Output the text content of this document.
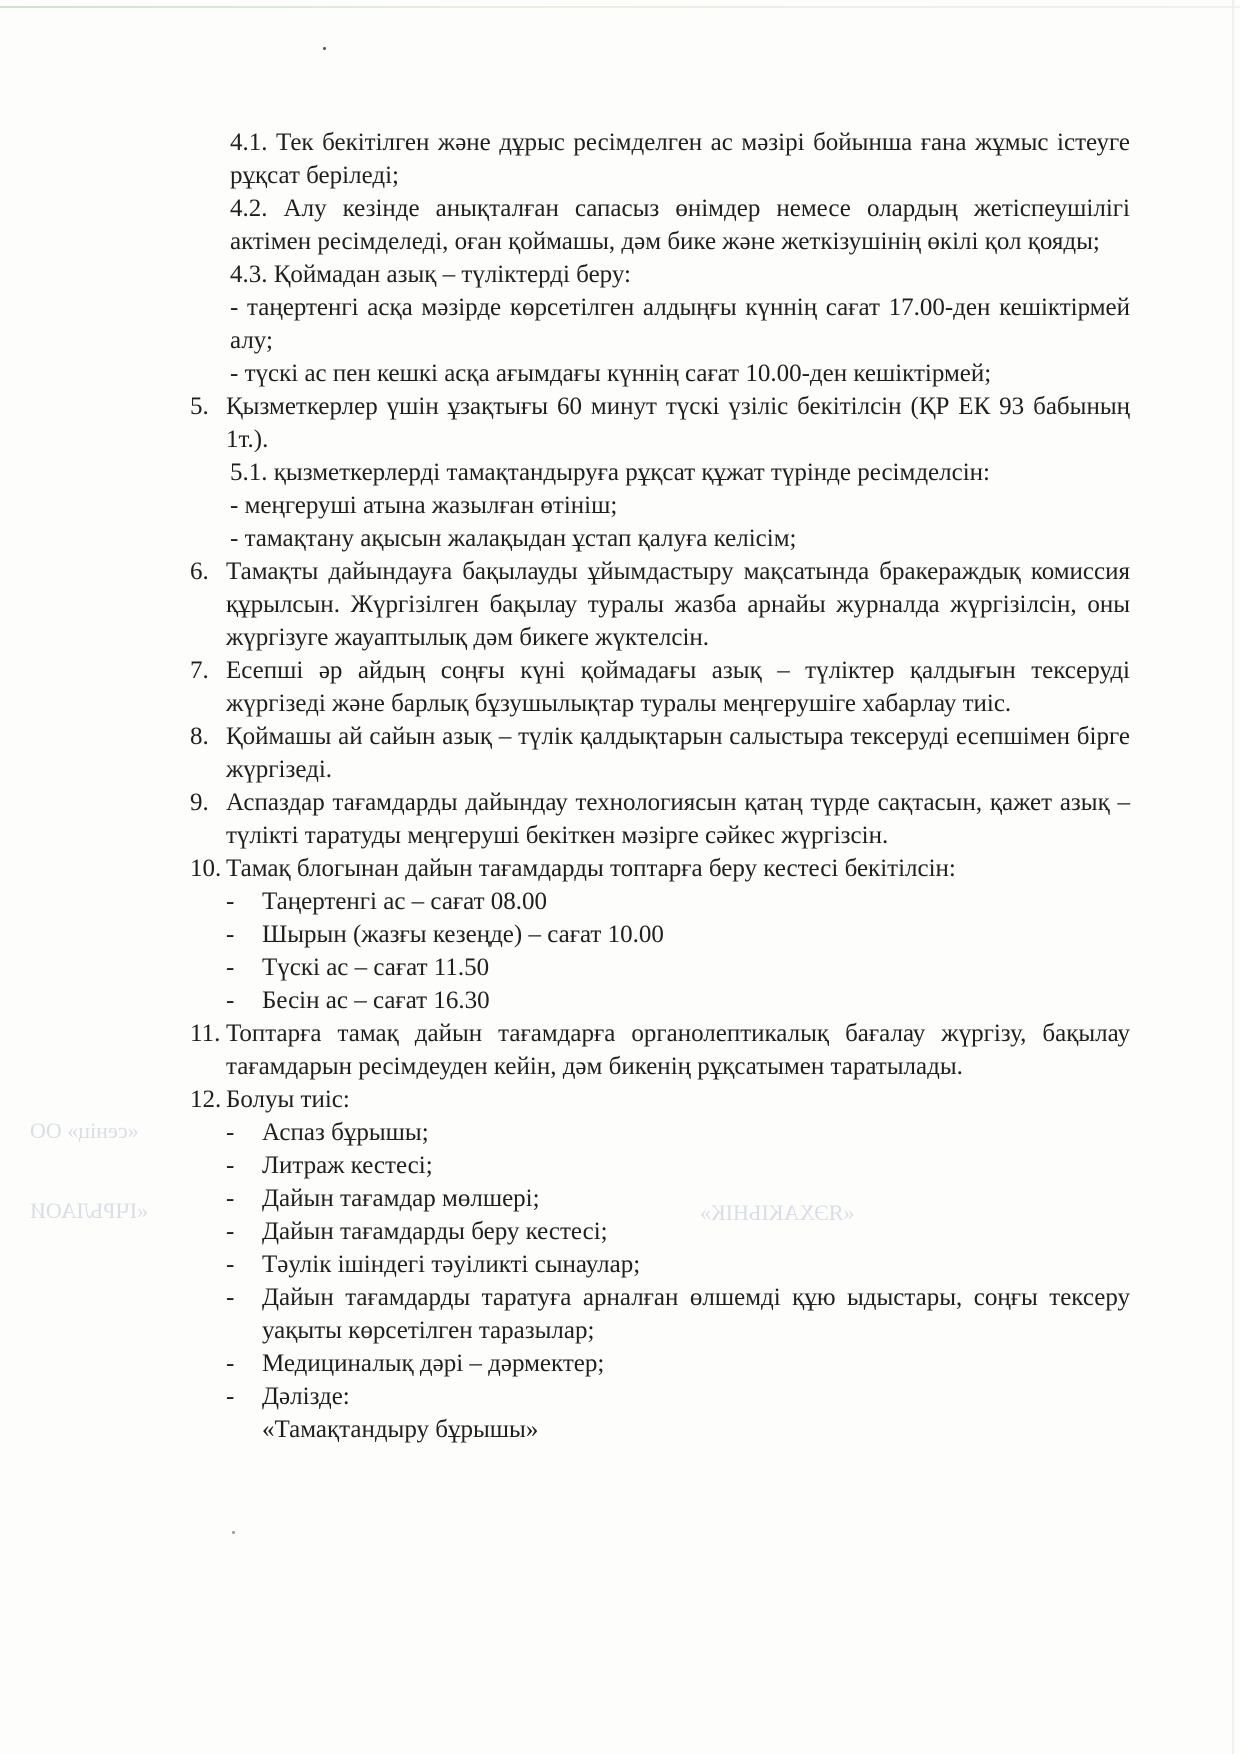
«сеніц» ОО
«ІЧРЬЛАОИ	«ЯЭХАКІЬНІК»
4.1. Тек бекітілген және дұрыс ресімделген ас мәзірі бойынша ғана жұмыс істеуге рұқсат беріледі;
4.2. Алу кезінде анықталған сапасыз өнімдер немесе олардың жетіспеушілігі актімен ресімделеді, оған қоймашы, дәм бике және жеткізушінің өкілі қол қояды;
4.3. Қоймадан азық – түліктерді беру:
- таңертенгі асқа мәзірде көрсетілген алдыңғы күннің сағат 17.00-ден кешіктірмей алу;
- түскі ас пен кешкі асқа ағымдағы күннің сағат 10.00-ден кешіктірмей;
5. Қызметкерлер үшін ұзақтығы 60 минут түскі үзіліс бекітілсін (ҚР ЕК 93 бабының 1т.).
5.1. қызметкерлерді тамақтандыруға рұқсат құжат түрінде ресімделсін:
- меңгеруші атына жазылған өтініш;
- тамақтану ақысын жалақыдан ұстап қалуға келісім;
6. Тамақты дайындауға бақылауды ұйымдастыру мақсатында бракераждық комиссия құрылсын. Жүргізілген бақылау туралы жазба арнайы журналда жүргізілсін, оны жүргізуге жауаптылық дәм бикеге жүктелсін.
7. Есепші әр айдың соңғы күні қоймадағы азық – түліктер қалдығын тексеруді жүргізеді және барлық бұзушылықтар туралы меңгерушіге хабарлау тиіс.
8. Қоймашы ай сайын азық – түлік қалдықтарын салыстыра тексеруді есепшімен бірге жүргізеді.
9. Аспаздар тағамдарды дайындау технологиясын қатаң түрде сақтасын, қажет азық – түлікті таратуды меңгеруші бекіткен мәзірге сәйкес жүргізсін.
10. Тамақ блогынан дайын тағамдарды топтарға беру кестесі бекітілсін:
-	Таңертенгі ас – сағат 08.00
-	Шырын (жазғы кезеңде) – сағат 10.00
-	Түскі ас – сағат 11.50
-	Бесін ас – сағат 16.30
11. Топтарға тамақ дайын тағамдарға органолептикалық бағалау жүргізу, бақылау тағамдарын ресімдеуден кейін, дәм бикенің рұқсатымен таратылады.
12. Болуы тиіс:
-	Аспаз бұрышы;
-	Литраж кестесі;
-	Дайын тағамдар мөлшері;
-	Дайын тағамдарды беру кестесі;
-	Тәулік ішіндегі тәуіликті сынаулар;
-	Дайын тағамдарды таратуға арналған өлшемді құю ыдыстары, соңғы тексеру уақыты көрсетілген таразылар;
-	Медициналық дәрі – дәрмектер;
-	Дәлізде:
«Тамақтандыру бұрышы»
